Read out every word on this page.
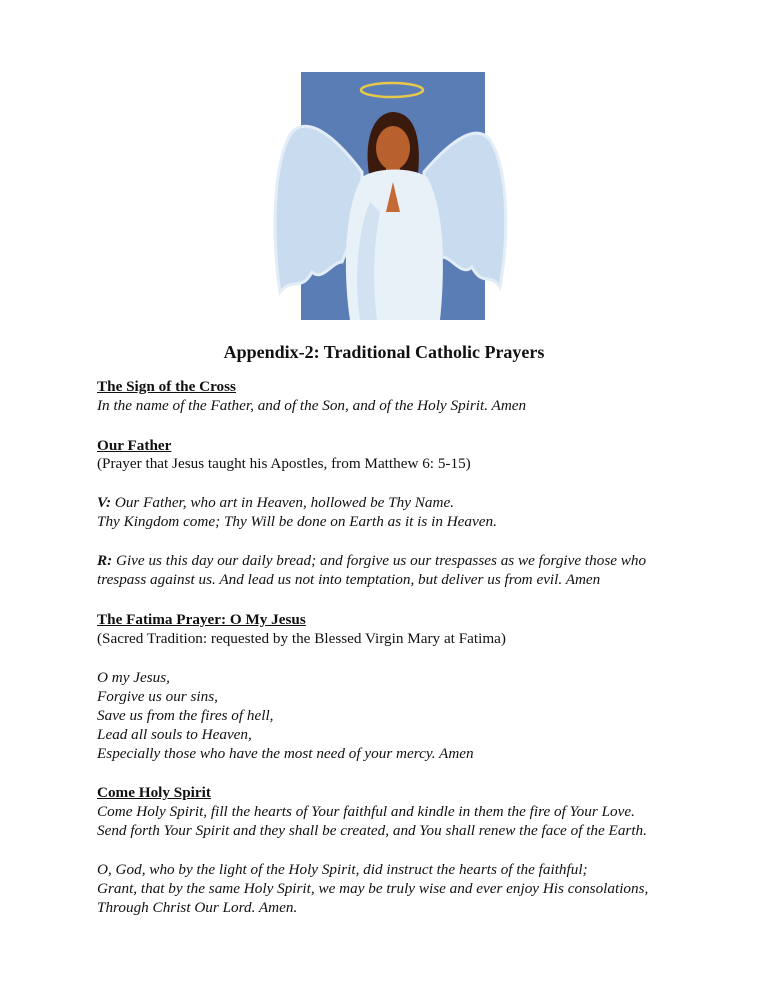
Appendix-2: Traditional Catholic Prayers
The Sign of the Cross
In the name of the Father, and of the Son, and of the Holy Spirit. Amen
Our Father
(Prayer that Jesus taught his Apostles, from Matthew 6: 5-15)
V: Our Father, who art in Heaven, hollowed be Thy Name.
Thy Kingdom come; Thy Will be done on Earth as it is in Heaven.
R: Give us this day our daily bread; and forgive us our trespasses as we forgive those who
trespass against us. And lead us not into temptation, but deliver us from evil. Amen
The Fatima Prayer: O My Jesus
(Sacred Tradition: requested by the Blessed Virgin Mary at Fatima)
O my Jesus,
Forgive us our sins,
Save us from the fires of hell,
Lead all souls to Heaven,
Especially those who have the most need of your mercy. Amen
Come Holy Spirit
Come Holy Spirit, fill the hearts of Your faithful and kindle in them the fire of Your Love.
Send forth Your Spirit and they shall be created, and You shall renew the face of the Earth.
O, God, who by the light of the Holy Spirit, did instruct the hearts of the faithful;
Grant, that by the same Holy Spirit, we may be truly wise and ever enjoy His consolations,
Through Christ Our Lord. Amen.
